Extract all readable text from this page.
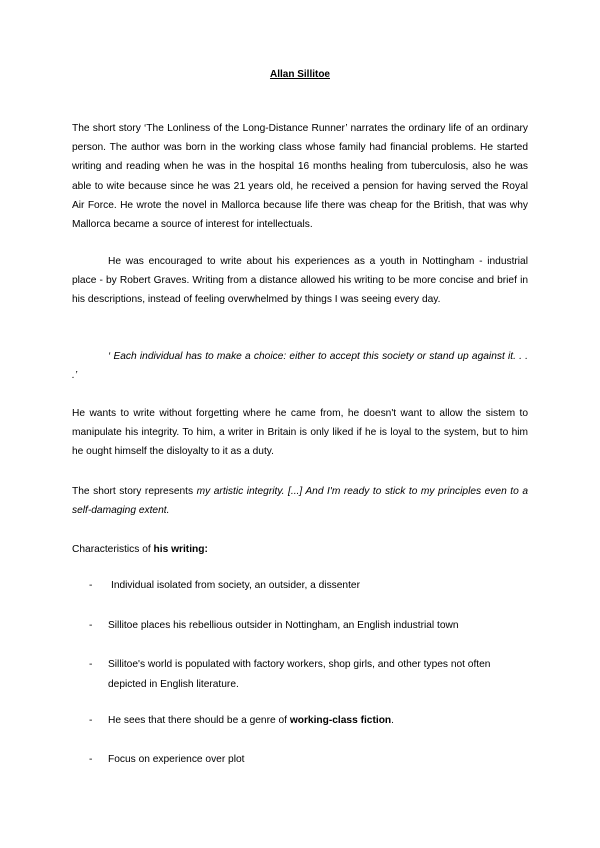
Allan Sillitoe

The short story ‘The Lonliness of the Long-Distance Runner’ narrates the ordinary life of an ordinary person. The author was born in the working class whose family had financial problems. He started writing and reading when he was in the hospital 16 months healing from tuberculosis, also he was able to wite because since he was 21 years old, he received a pension for having served the Royal Air Force. He wrote the novel in Mallorca because life there was cheap for the British, that was why Mallorca became a source of interest for intellectuals.

He was encouraged to write about his experiences as a youth in Nottingham - industrial place - by Robert Graves. Writing from a distance allowed his writing to be more concise and brief in his descriptions, instead of feeling overwhelmed by things I was seeing every day.

‘ Each individual has to make a choice: either to accept this society or stand up against it. . . .’

He wants to write without forgetting where he came from, he doesn't want to allow the sistem to manipulate his integrity. To him, a writer in Britain is only liked if he is loyal to the system, but to him he ought himself the disloyalty to it as a duty.

The short story represents my artistic integrity. [...] And I'm ready to stick to my principles even to a self-damaging extent.

Characteristics of his writing:

- Individual isolated from society, an outsider, a dissenter
- Sillitoe places his rebellious outsider in Nottingham, an English industrial town
- Sillitoe's world is populated with factory workers, shop girls, and other types not often depicted in English literature.
- He sees that there should be a genre of working-class fiction.
- Focus on experience over plot
